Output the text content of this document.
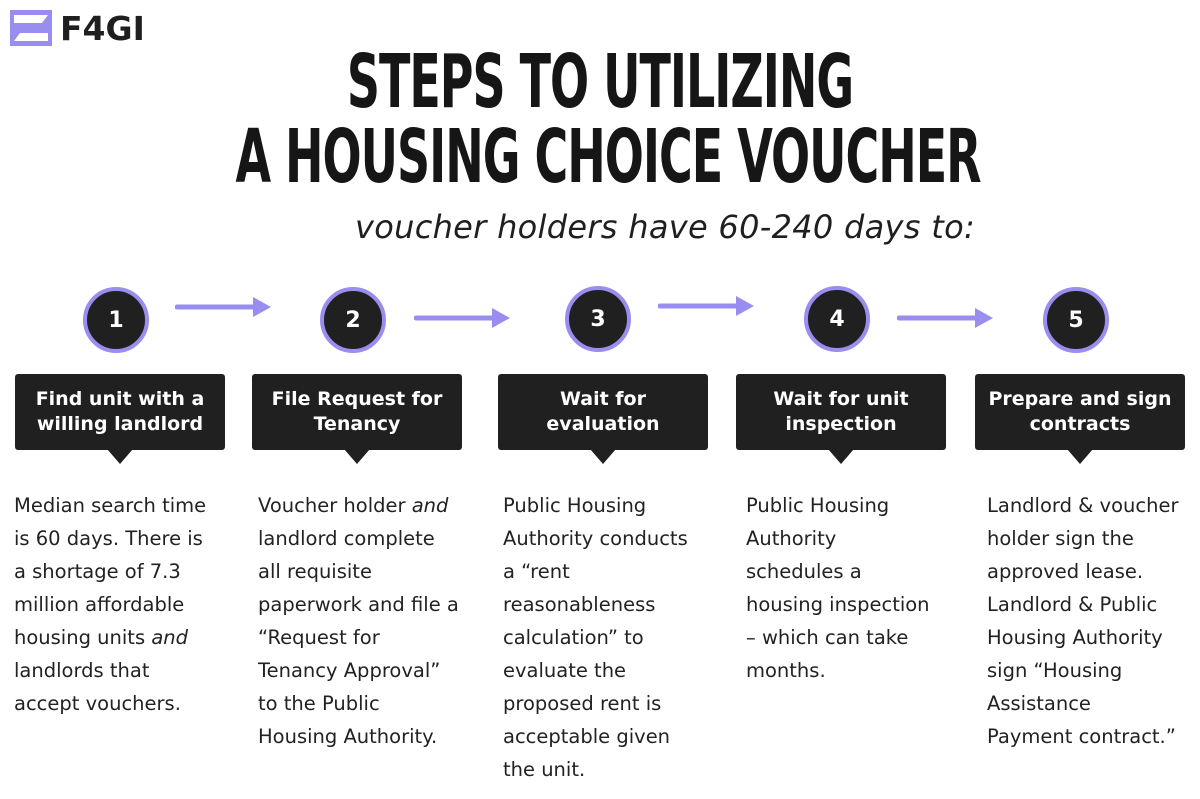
F4GI
STEPS TO UTILIZING
A HOUSING CHOICE VOUCHER
voucher holders have 60-240 days to:
1	2	3	4	5
Find unit with a
willing landlord
File Request for
Tenancy
Wait for
evaluation
Wait for unit
inspection
Prepare and sign
contracts
Median search time
is 60 days. There is
a shortage of 7.3
million affordable
housing units and
landlords that
accept vouchers.
Voucher holder and
landlord complete
all requisite
paperwork and file a
“Request for
Tenancy Approval”
to the Public
Housing Authority.
Public Housing
Authority conducts
a “rent
reasonableness
calculation” to
evaluate the
proposed rent is
acceptable given
the unit.
Public Housing
Authority
schedules a
housing inspection
– which can take
months.
Landlord & voucher
holder sign the
approved lease.
Landlord & Public
Housing Authority
sign “Housing
Assistance
Payment contract.”
